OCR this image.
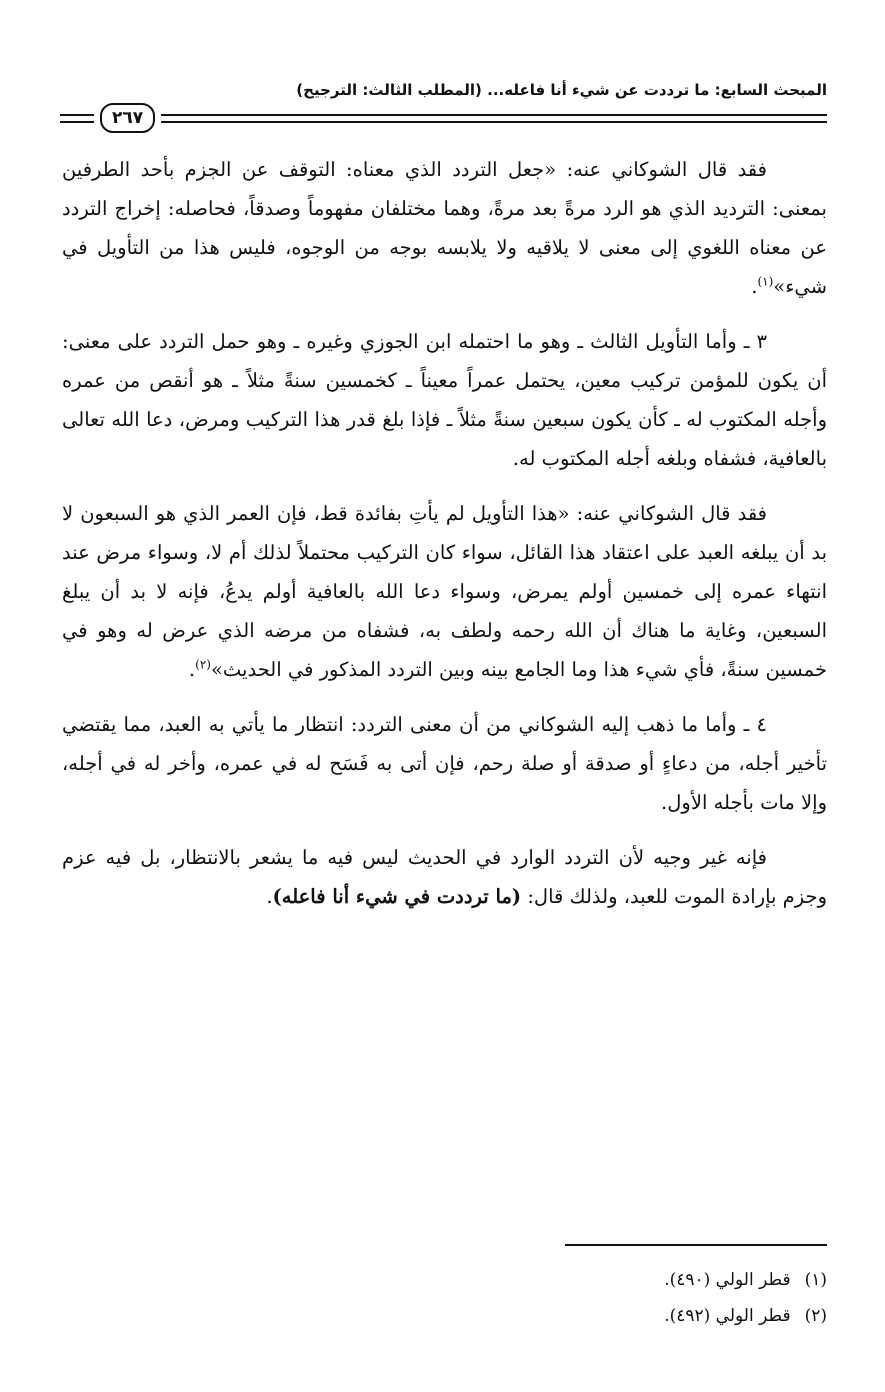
المبحث السابع: ما ترددت عن شيء أنا فاعله... (المطلب الثالث: الترجيح)
٢٦٧

فقد قال الشوكاني عنه: «جعل التردد الذي معناه: التوقف عن الجزم بأحد الطرفين بمعنى: الترديد الذي هو الرد مرةً بعد مرةً، وهما مختلفان مفهوماً وصدقاً، فحاصله: إخراج التردد عن معناه اللغوي إلى معنى لا يلاقيه ولا يلابسه بوجه من الوجوه، فليس هذا من التأويل في شيء»$^{(١)}$.

٣ ـ وأما التأويل الثالث ـ وهو ما احتمله ابن الجوزي وغيره ـ وهو حمل التردد على معنى: أن يكون للمؤمن تركيب معين، يحتمل عمراً معيناً ـ كخمسين سنةً مثلاً ـ هو أنقص من عمره وأجله المكتوب له ـ كأن يكون سبعين سنةً مثلاً ـ فإذا بلغ قدر هذا التركيب ومرض، دعا الله تعالى بالعافية، فشفاه وبلغه أجله المكتوب له.

فقد قال الشوكاني عنه: «هذا التأويل لم يأتِ بفائدة قط، فإن العمر الذي هو السبعون لا بد أن يبلغه العبد على اعتقاد هذا القائل، سواء كان التركيب محتملاً لذلك أم لا، وسواء مرض عند انتهاء عمره إلى خمسين أولم يمرض، وسواء دعا الله بالعافية أولم يدعُ، فإنه لا بد أن يبلغ السبعين، وغاية ما هناك أن الله رحمه ولطف به، فشفاه من مرضه الذي عرض له وهو في خمسين سنةً، فأي شيء هذا وما الجامع بينه وبين التردد المذكور في الحديث»$^{(٢)}$.

٤ ـ وأما ما ذهب إليه الشوكاني من أن معنى التردد: انتظار ما يأتي به العبد، مما يقتضي تأخير أجله، من دعاءٍ أو صدقة أو صلة رحم، فإن أتى به فَسَح له في عمره، وأخر له في أجله، وإلا مات بأجله الأول.

فإنه غير وجيه لأن التردد الوارد في الحديث ليس فيه ما يشعر بالانتظار، بل فيه عزم وجزم بإرادة الموت للعبد، ولذلك قال: (ما ترددت في شيء أنا فاعله).

(١)قطر الولي (٤٩٠).
(٢)قطر الولي (٤٩٢).
